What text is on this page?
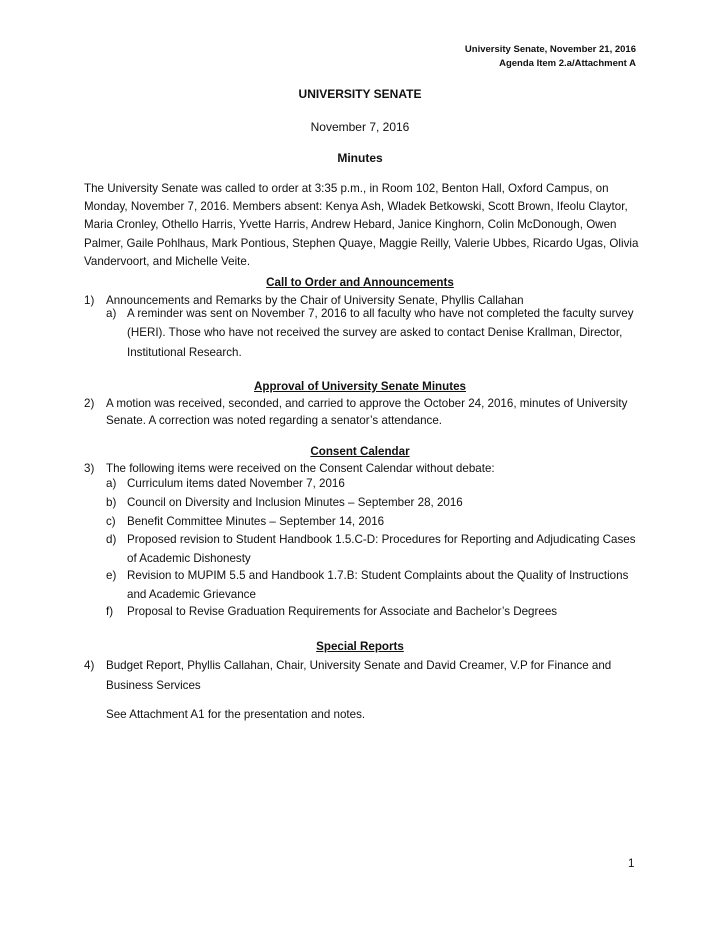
University Senate, November 21, 2016
Agenda Item 2.a/Attachment A
UNIVERSITY SENATE
November 7, 2016
Minutes
The University Senate was called to order at 3:35 p.m., in Room 102, Benton Hall, Oxford Campus, on Monday, November 7, 2016. Members absent: Kenya Ash, Wladek Betkowski, Scott Brown, Ifeolu Claytor, Maria Cronley, Othello Harris, Yvette Harris, Andrew Hebard, Janice Kinghorn, Colin McDonough, Owen Palmer, Gaile Pohlhaus, Mark Pontious, Stephen Quaye, Maggie Reilly, Valerie Ubbes, Ricardo Ugas, Olivia Vandervoort, and Michelle Veite.
Call to Order and Announcements
1) Announcements and Remarks by the Chair of University Senate, Phyllis Callahan
a) A reminder was sent on November 7, 2016 to all faculty who have not completed the faculty survey (HERI). Those who have not received the survey are asked to contact Denise Krallman, Director, Institutional Research.
Approval of University Senate Minutes
2) A motion was received, seconded, and carried to approve the October 24, 2016, minutes of University Senate. A correction was noted regarding a senator’s attendance.
Consent Calendar
3) The following items were received on the Consent Calendar without debate:
a) Curriculum items dated November 7, 2016
b) Council on Diversity and Inclusion Minutes – September 28, 2016
c) Benefit Committee Minutes – September 14, 2016
d) Proposed revision to Student Handbook 1.5.C-D: Procedures for Reporting and Adjudicating Cases of Academic Dishonesty
e) Revision to MUPIM 5.5 and Handbook 1.7.B: Student Complaints about the Quality of Instructions and Academic Grievance
f) Proposal to Revise Graduation Requirements for Associate and Bachelor’s Degrees
Special Reports
4) Budget Report, Phyllis Callahan, Chair, University Senate and David Creamer, V.P for Finance and Business Services
See Attachment A1 for the presentation and notes.
1
